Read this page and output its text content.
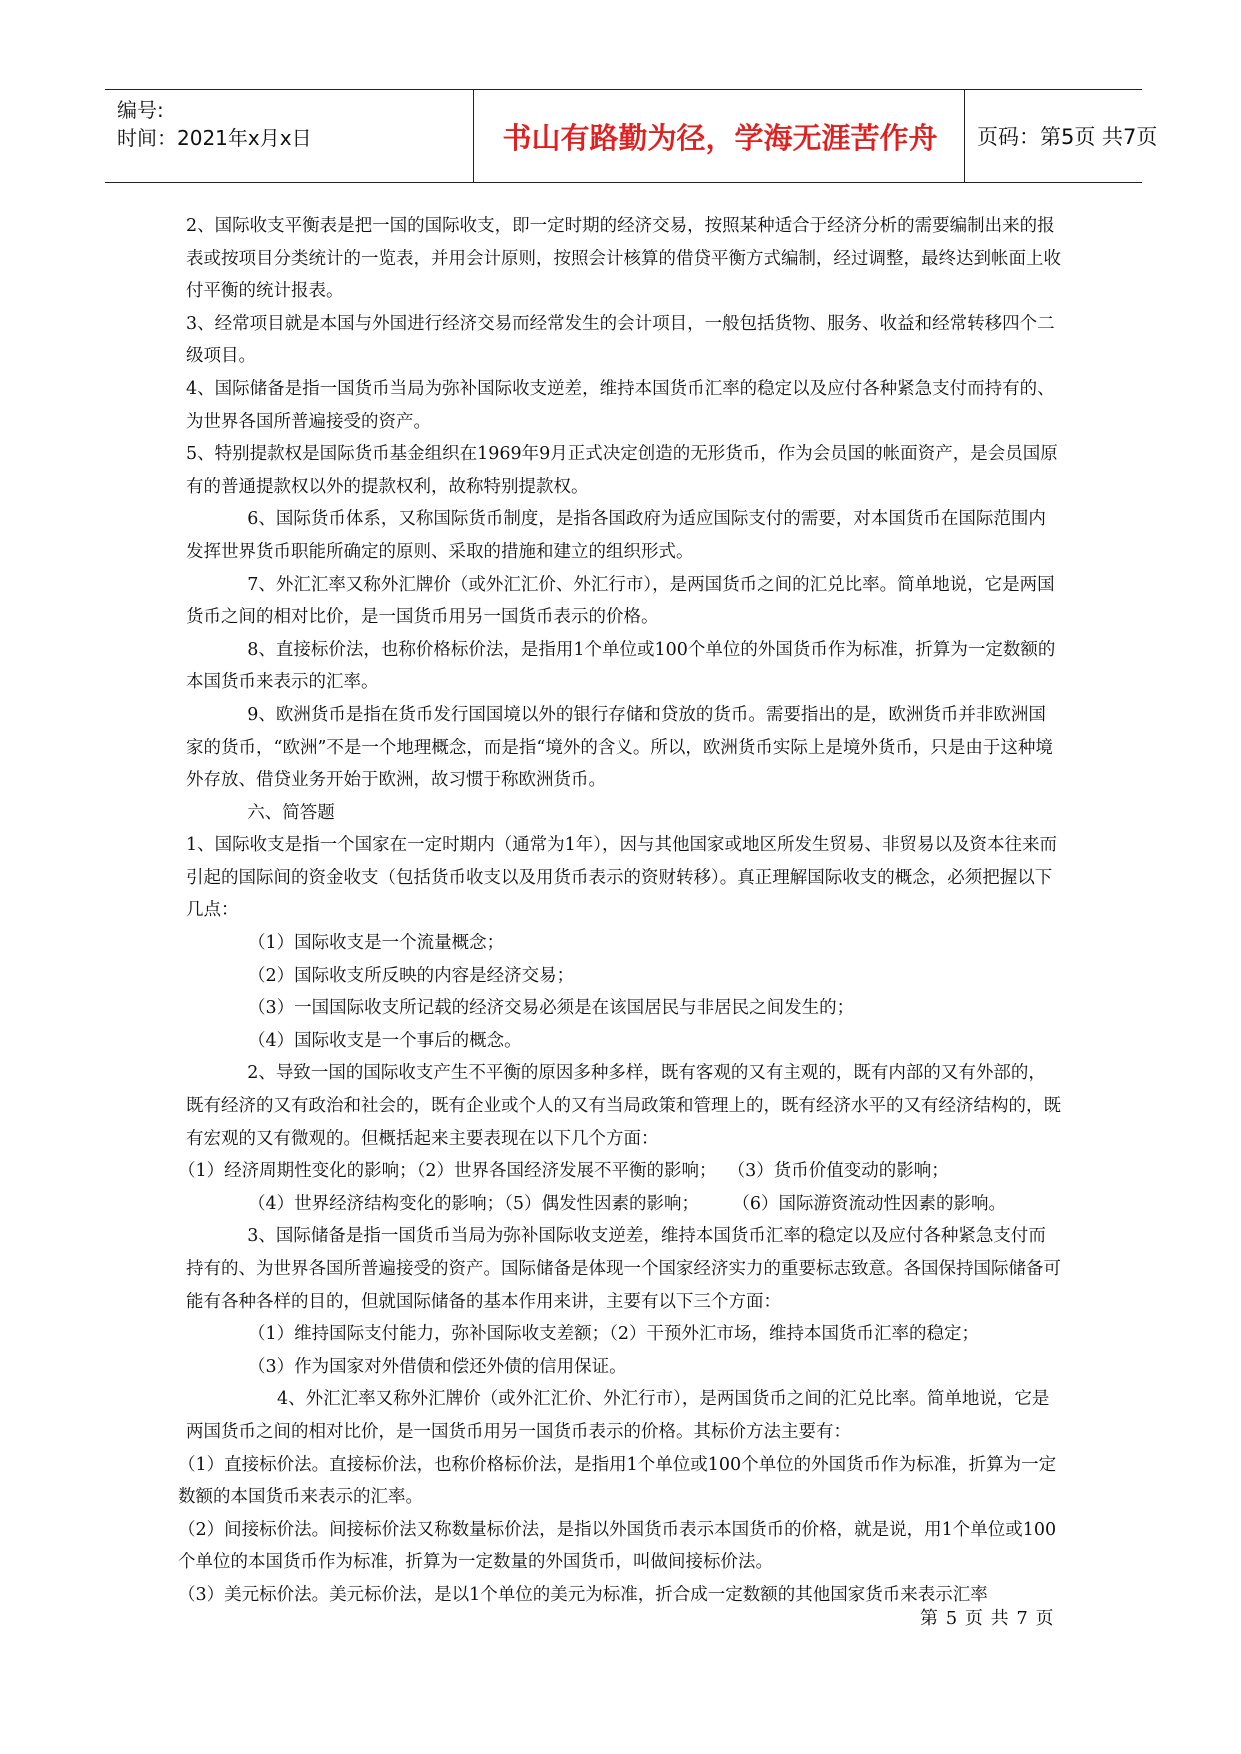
编号:
时间：2021年x月x日	书山有路勤为径，学海无涯苦作舟	页码：第5页 共7页

2、国际收支平衡表是把一国的国际收支，即一定时期的经济交易，按照某种适合于经济分析的需要编制出来的报表或按项目分类统计的一览表，并用会计原则，按照会计核算的借贷平衡方式编制，经过调整，最终达到帐面上收付平衡的统计报表。

3、经常项目就是本国与外国进行经济交易而经常发生的会计项目，一般包括货物、服务、收益和经常转移四个二级项目。

4、国际储备是指一国货币当局为弥补国际收支逆差，维持本国货币汇率的稳定以及应付各种紧急支付而持有的、为世界各国所普遍接受的资产。

5、特别提款权是国际货币基金组织在1969年9月正式决定创造的无形货币，作为会员国的帐面资产，是会员国原有的普通提款权以外的提款权利，故称特别提款权。

6、国际货币体系，又称国际货币制度，是指各国政府为适应国际支付的需要，对本国货币在国际范围内发挥世界货币职能所确定的原则、采取的措施和建立的组织形式。

7、外汇汇率又称外汇牌价（或外汇汇价、外汇行市），是两国货币之间的汇兑比率。简单地说，它是两国货币之间的相对比价，是一国货币用另一国货币表示的价格。

8、直接标价法，也称价格标价法，是指用1个单位或100个单位的外国货币作为标准，折算为一定数额的本国货币来表示的汇率。

9、欧洲货币是指在货币发行国国境以外的银行存储和贷放的货币。需要指出的是，欧洲货币并非欧洲国家的货币，“欧洲”不是一个地理概念，而是指“境外的含义。所以，欧洲货币实际上是境外货币，只是由于这种境外存放、借贷业务开始于欧洲，故习惯于称欧洲货币。

六、简答题

1、国际收支是指一个国家在一定时期内（通常为1年），因与其他国家或地区所发生贸易、非贸易以及资本往来而引起的国际间的资金收支（包括货币收支以及用货币表示的资财转移）。真正理解国际收支的概念，必须把握以下几点：

（1）国际收支是一个流量概念；

（2）国际收支所反映的内容是经济交易；

（3）一国国际收支所记载的经济交易必须是在该国居民与非居民之间发生的；

（4）国际收支是一个事后的概念。

2、导致一国的国际收支产生不平衡的原因多种多样，既有客观的又有主观的，既有内部的又有外部的，既有经济的又有政治和社会的，既有企业或个人的又有当局政策和管理上的，既有经济水平的又有经济结构的，既有宏观的又有微观的。但概括起来主要表现在以下几个方面：

（1）经济周期性变化的影响；（2）世界各国经济发展不平衡的影响；  （3）货币价值变动的影响；

（4）世界经济结构变化的影响；（5）偶发性因素的影响；      （6）国际游资流动性因素的影响。

3、国际储备是指一国货币当局为弥补国际收支逆差，维持本国货币汇率的稳定以及应付各种紧急支付而持有的、为世界各国所普遍接受的资产。国际储备是体现一个国家经济实力的重要标志致意。各国保持国际储备可能有各种各样的目的，但就国际储备的基本作用来讲，主要有以下三个方面：

（1）维持国际支付能力，弥补国际收支差额；（2）干预外汇市场，维持本国货币汇率的稳定；

（3）作为国家对外借债和偿还外债的信用保证。

4、外汇汇率又称外汇牌价（或外汇汇价、外汇行市），是两国货币之间的汇兑比率。简单地说，它是两国货币之间的相对比价，是一国货币用另一国货币表示的价格。其标价方法主要有：

（1）直接标价法。直接标价法，也称价格标价法，是指用1个单位或100个单位的外国货币作为标准，折算为一定数额的本国货币来表示的汇率。

（2）间接标价法。间接标价法又称数量标价法，是指以外国货币表示本国货币的价格，就是说，用1个单位或100个单位的本国货币作为标准，折算为一定数量的外国货币，叫做间接标价法。

（3）美元标价法。美元标价法，是以1个单位的美元为标准，折合成一定数额的其他国家货币来表示汇率

第 5 页 共 7 页
